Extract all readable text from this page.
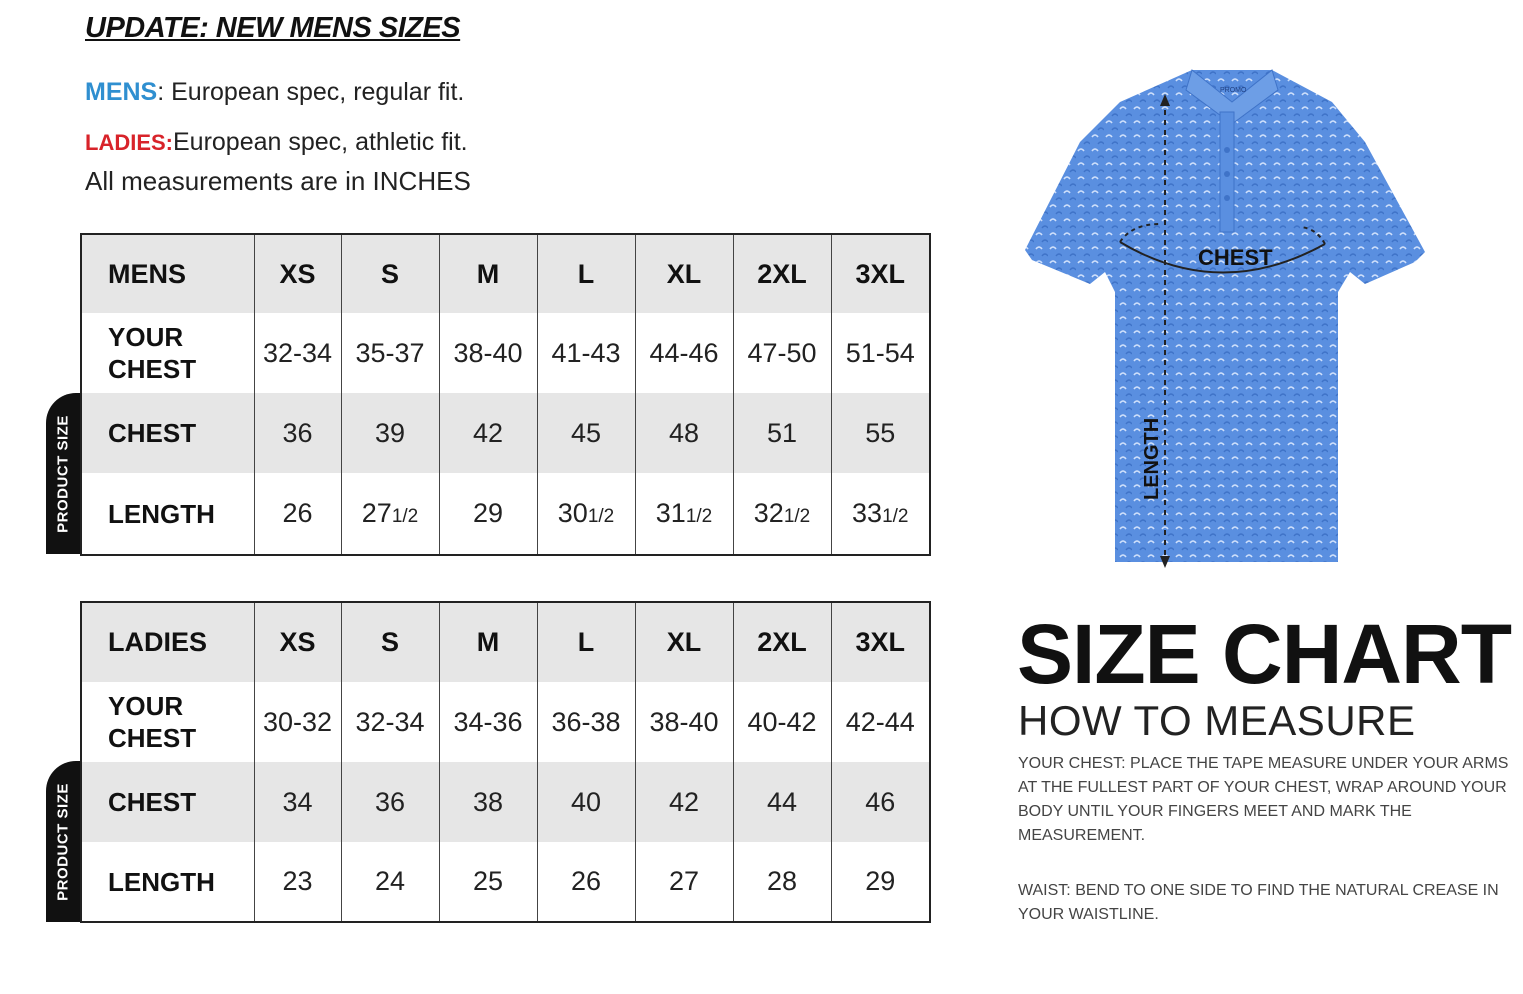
UPDATE: NEW MENS SIZES
MENS: European spec, regular fit.
LADIES:European spec, athletic fit.
All measurements are in INCHES
MENS	XS	S	M	L	XL	2XL	3XL
YOUR
CHEST	32-34	35-37	38-40	41-43	44-46	47-50	51-54
CHEST	36	39	42	45	48	51	55
LENGTH	26	271/2	29	301/2	311/2	321/2	331/2
PRODUCT SIZE
LADIES	XS	S	M	L	XL	2XL	3XL
YOUR
CHEST	30-32	32-34	34-36	36-38	38-40	40-42	42-44
CHEST	34	36	38	40	42	44	46
LENGTH	23	24	25	26	27	28	29
PRODUCT SIZE
PROMO
CHEST
LENGTH
SIZE CHART
HOW TO MEASURE
YOUR CHEST: PLACE THE TAPE MEASURE UNDER YOUR ARMS AT THE FULLEST PART OF YOUR CHEST, WRAP AROUND YOUR BODY UNTIL YOUR FINGERS MEET AND MARK THE MEASUREMENT.
WAIST: BEND TO ONE SIDE TO FIND THE NATURAL CREASE IN YOUR WAISTLINE.
